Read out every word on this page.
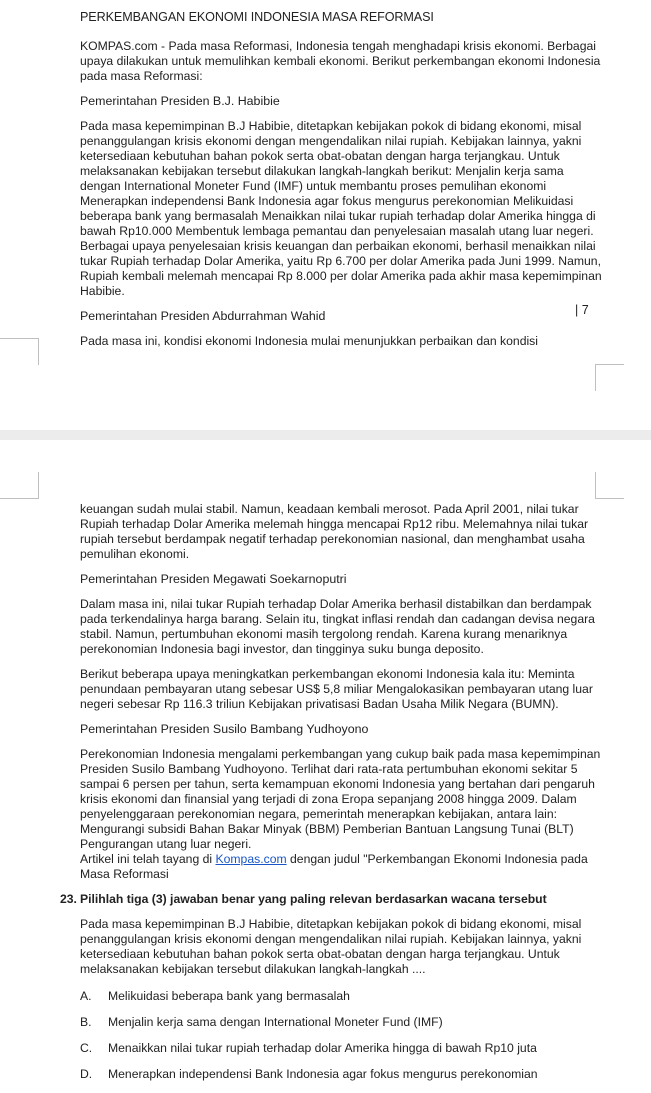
PERKEMBANGAN EKONOMI INDONESIA MASA REFORMASI

KOMPAS.com - Pada masa Reformasi, Indonesia tengah menghadapi krisis ekonomi. Berbagai upaya dilakukan untuk memulihkan kembali ekonomi. Berikut perkembangan ekonomi Indonesia pada masa Reformasi:

Pemerintahan Presiden B.J. Habibie

Pada masa kepemimpinan B.J Habibie, ditetapkan kebijakan pokok di bidang ekonomi, misal penanggulangan krisis ekonomi dengan mengendalikan nilai rupiah. Kebijakan lainnya, yakni ketersediaan kebutuhan bahan pokok serta obat-obatan dengan harga terjangkau. Untuk melaksanakan kebijakan tersebut dilakukan langkah-langkah berikut: Menjalin kerja sama dengan International Moneter Fund (IMF) untuk membantu proses pemulihan ekonomi Menerapkan independensi Bank Indonesia agar fokus mengurus perekonomian Melikuidasi beberapa bank yang bermasalah Menaikkan nilai tukar rupiah terhadap dolar Amerika hingga di bawah Rp10.000 Membentuk lembaga pemantau dan penyelesaian masalah utang luar negeri. Berbagai upaya penyelesaian krisis keuangan dan perbaikan ekonomi, berhasil menaikkan nilai tukar Rupiah terhadap Dolar Amerika, yaitu Rp 6.700 per dolar Amerika pada Juni 1999. Namun, Rupiah kembali melemah mencapai Rp 8.000 per dolar Amerika pada akhir masa kepemimpinan Habibie.

Pemerintahan Presiden Abdurrahman Wahid

Pada masa ini, kondisi ekonomi Indonesia mulai menunjukkan perbaikan dan kondisi

| 7

keuangan sudah mulai stabil. Namun, keadaan kembali merosot. Pada April 2001, nilai tukar Rupiah terhadap Dolar Amerika melemah hingga mencapai Rp12 ribu. Melemahnya nilai tukar rupiah tersebut berdampak negatif terhadap perekonomian nasional, dan menghambat usaha pemulihan ekonomi.

Pemerintahan Presiden Megawati Soekarnoputri

Dalam masa ini, nilai tukar Rupiah terhadap Dolar Amerika berhasil distabilkan dan berdampak pada terkendalinya harga barang. Selain itu, tingkat inflasi rendah dan cadangan devisa negara stabil. Namun, pertumbuhan ekonomi masih tergolong rendah. Karena kurang menariknya perekonomian Indonesia bagi investor, dan tingginya suku bunga deposito.

Berikut beberapa upaya meningkatkan perkembangan ekonomi Indonesia kala itu: Meminta penundaan pembayaran utang sebesar US$ 5,8 miliar Mengalokasikan pembayaran utang luar negeri sebesar Rp 116.3 triliun Kebijakan privatisasi Badan Usaha Milik Negara (BUMN).

Pemerintahan Presiden Susilo Bambang Yudhoyono

Perekonomian Indonesia mengalami perkembangan yang cukup baik pada masa kepemimpinan Presiden Susilo Bambang Yudhoyono. Terlihat dari rata-rata pertumbuhan ekonomi sekitar 5 sampai 6 persen per tahun, serta kemampuan ekonomi Indonesia yang bertahan dari pengaruh krisis ekonomi dan finansial yang terjadi di zona Eropa sepanjang 2008 hingga 2009. Dalam penyelenggaraan perekonomian negara, pemerintah menerapkan kebijakan, antara lain: Mengurangi subsidi Bahan Bakar Minyak (BBM) Pemberian Bantuan Langsung Tunai (BLT) Pengurangan utang luar negeri.

Artikel ini telah tayang di Kompas.com dengan judul "Perkembangan Ekonomi Indonesia pada Masa Reformasi

23. Pilihlah tiga (3) jawaban benar yang paling relevan berdasarkan wacana tersebut

Pada masa kepemimpinan B.J Habibie, ditetapkan kebijakan pokok di bidang ekonomi, misal penanggulangan krisis ekonomi dengan mengendalikan nilai rupiah. Kebijakan lainnya, yakni ketersediaan kebutuhan bahan pokok serta obat-obatan dengan harga terjangkau. Untuk melaksanakan kebijakan tersebut dilakukan langkah-langkah ....

A.	Melikuidasi beberapa bank yang bermasalah
B.	Menjalin kerja sama dengan International Moneter Fund (IMF)
C.	Menaikkan nilai tukar rupiah terhadap dolar Amerika hingga di bawah Rp10 juta
D.	Menerapkan independensi Bank Indonesia agar fokus mengurus perekonomian
